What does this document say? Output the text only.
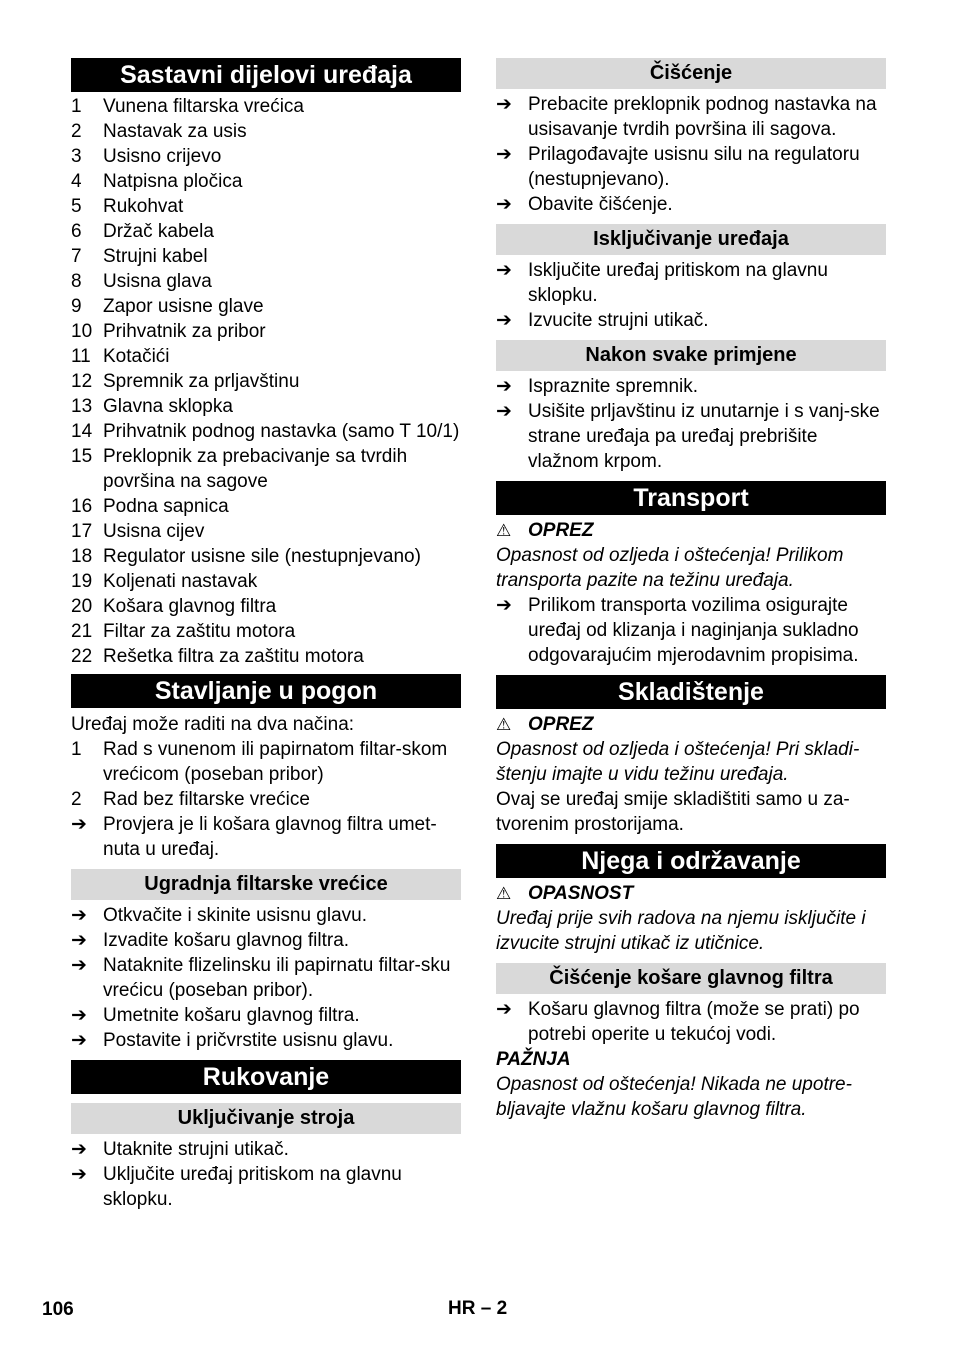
Sastavni dijelovi uređaja
1	Vunena filtarska vrećica
2	Nastavak za usis
3	Usisno crijevo
4	Natpisna pločica
5	Rukohvat
6	Držač kabela
7	Strujni kabel
8	Usisna glava
9	Zapor usisne glave
10 Prihvatnik za pribor
11 Kotačići
12 Spremnik za prljavštinu
13 Glavna sklopka
14 Prihvatnik podnog nastavka (samo T 10/1)
15 Preklopnik za prebacivanje sa tvrdih površina na sagove
16 Podna sapnica
17 Usisna cijev
18 Regulator usisne sile (nestupnjevano)
19 Koljenati nastavak
20 Košara glavnog filtra
21 Filtar za zaštitu motora
22 Rešetka filtra za zaštitu motora
Stavljanje u pogon

Uređaj može raditi na dva načina:

1	Rad s vunenom ili papirnatom filtar-skom vrećicom (poseban pribor)
2	Rad bez filtarske vrećice
➔ Provjera je li košara glavnog filtra umet-nuta u uređaj.
Ugradnja filtarske vrećice
➔ Otkvačite i skinite usisnu glavu.
➔ Izvadite košaru glavnog filtra.
➔ Nataknite flizelinsku ili papirnatu filtar-sku vrećicu (poseban pribor).
➔ Umetnite košaru glavnog filtra.
➔ Postavite i pričvrstite usisnu glavu.
Rukovanje
Uključivanje stroja
➔ Utaknite strujni utikač.
➔ Uključite uređaj pritiskom na glavnu sklopku.
Čišćenje
➔ Prebacite preklopnik podnog nastavka na usisavanje tvrdih površina ili sagova.
➔ Prilagođavajte usisnu silu na regulatoru (nestupnjevano).
➔ Obavite čišćenje.
Isključivanje uređaja
➔ Isključite uređaj pritiskom na glavnu sklopku.
➔ Izvucite strujni utikač.
Nakon svake primjene
➔ Ispraznite spremnik.
➔ Usišite prljavštinu iz unutarnje i s vanj-ske strane uređaja pa uređaj prebrišite vlažnom krpom.
Transport
⚠ OPREZ

Opasnost od ozljeda i oštećenja! Prilikom transporta pazite na težinu uređaja.

➔ Prilikom transporta vozilima osigurajte uređaj od klizanja i naginjanja sukladno odgovarajućim mjerodavnim propisima.
Skladištenje
⚠ OPREZ

Opasnost od ozljeda i oštećenja! Pri skladi-štenju imajte u vidu težinu uređaja.

Ovaj se uređaj smije skladištiti samo u za-tvorenim prostorijama.

Njega i održavanje
⚠ OPASNOST

Uređaj prije svih radova na njemu isključite i izvucite strujni utikač iz utičnice.

Čišćenje košare glavnog filtra
➔ Košaru glavnog filtra (može se prati) po potrebi operite u tekućoj vodi.
PAŽNJA

Opasnost od oštećenja! Nikada ne upotre-bljavajte vlažnu košaru glavnog filtra.

106	HR – 2
